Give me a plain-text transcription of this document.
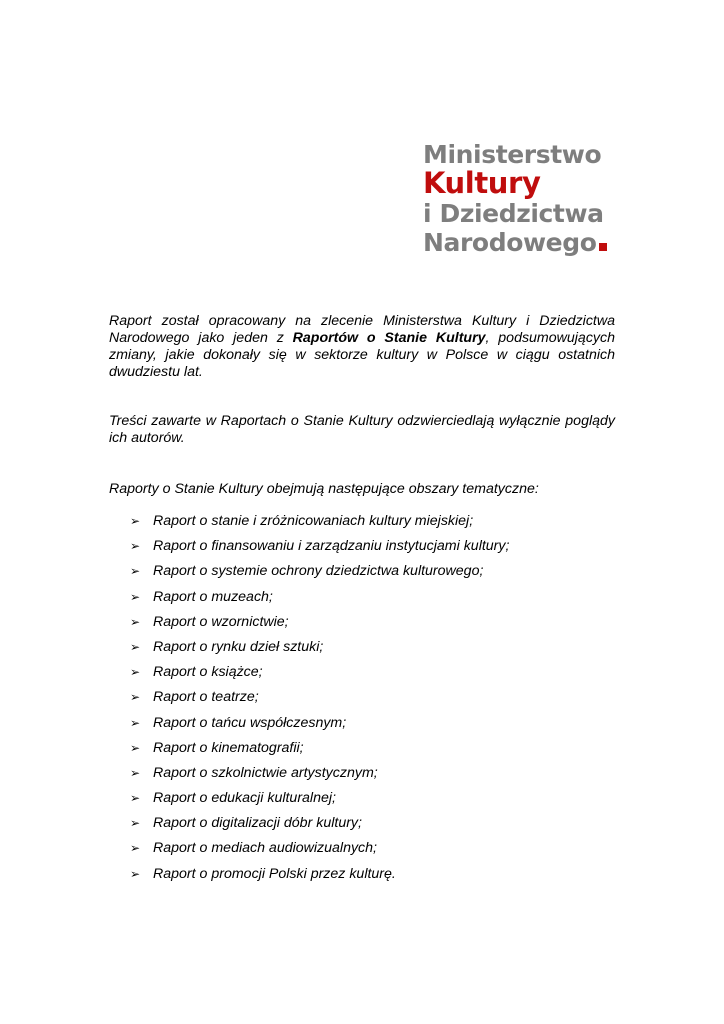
Ministerstwo
Kultury
i Dziedzictwa
Narodowego

Raport został opracowany na zlecenie Ministerstwa Kultury i Dziedzictwa Narodowego jako jeden z Raportów o Stanie Kultury, podsumowujących zmiany, jakie dokonały się w sektorze kultury w Polsce w ciągu ostatnich dwudziestu lat.

Treści zawarte w Raportach o Stanie Kultury odzwierciedlają wyłącznie poglądy ich autorów.

Raporty o Stanie Kultury obejmują następujące obszary tematyczne:

➢ Raport o stanie i zróżnicowaniach kultury miejskiej;
➢ Raport o finansowaniu i zarządzaniu instytucjami kultury;
➢ Raport o systemie ochrony dziedzictwa kulturowego;
➢ Raport o muzeach;
➢ Raport o wzornictwie;
➢ Raport o rynku dzieł sztuki;
➢ Raport o książce;
➢ Raport o teatrze;
➢ Raport o tańcu współczesnym;
➢ Raport o kinematografii;
➢ Raport o szkolnictwie artystycznym;
➢ Raport o edukacji kulturalnej;
➢ Raport o digitalizacji dóbr kultury;
➢ Raport o mediach audiowizualnych;
➢ Raport o promocji Polski przez kulturę.
